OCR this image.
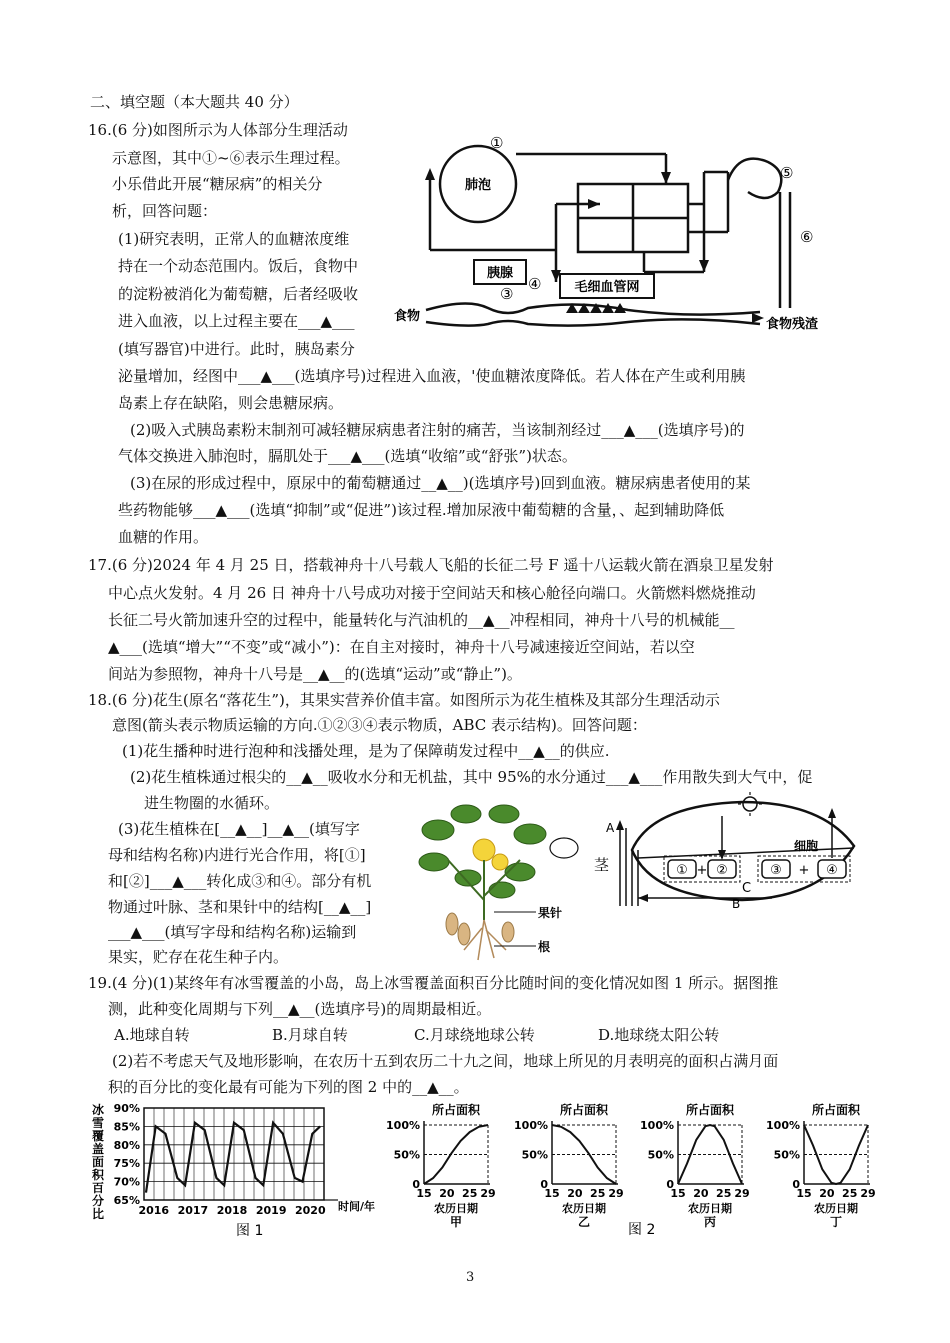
二、填空题（本大题共 40 分）
16.(6 分)如图所示为人体部分生理活动
示意图，其中①~⑥表示生理过程。
小乐借此开展“糖尿病”的相关分
析，回答问题：
(1)研究表明，正常人的血糖浓度维
持在一个动态范围内。饭后，食物中
的淀粉被消化为葡萄糖，后者经吸收
进入血液，以上过程主要在___▲___
(填写器官)中进行。此时，胰岛素分
泌量增加，经图中___▲___(选填序号)过程进入血液，'使血糖浓度降低。若人体在产生或利用胰
岛素上存在缺陷，则会患糖尿病。
(2)吸入式胰岛素粉末制剂可减轻糖尿病患者注射的痛苦，当该制剂经过___▲___(选填序号)的
气体交换进入肺泡时，膈肌处于___▲___(选填“收缩”或“舒张”)状态。
(3)在尿的形成过程中，原尿中的葡萄糖通过__▲__)(选填序号)回到血液。糖尿病患者使用的某
些药物能够___▲___(选填“抑制”或“促进”)该过程.增加尿液中葡萄糖的含量，、起到辅助降低
血糖的作用。
胰腺
毛细血管网
肺泡
食物
食物残渣
①
③
④
⑤
⑥
17.(6 分)2024 年 4 月 25 日，搭载神舟十八号载人飞船的长征二号 F 遥十八运载火箭在酒泉卫星发射
中心点火发射。4 月 26 日 神舟十八号成功对接于空间站天和核心舱径向端口。火箭燃料燃烧推动
长征二号火箭加速升空的过程中，能量转化与汽油机的__▲__冲程相同，神舟十八号的机械能__
▲___(选填“增大”“不变”或“减小”)：在自主对接时，神舟十八号减速接近空间站，若以空
间站为参照物，神舟十八号是__▲__的(选填“运动”或“静止”)。
18.(6 分)花生(原名“落花生”)，其果实营养价值丰富。如图所示为花生植株及其部分生理活动示
意图(箭头表示物质运输的方向.①②③④表示物质，ABC 表示结构)。回答问题：
(1)花生播种时进行泡种和浅播处理，是为了保障萌发过程中__▲__的供应.
(2)花生植株通过根尖的__▲__吸收水分和无机盐，其中 95%的水分通过___▲___作用散失到大气中，促
进生物圈的水循环。
(3)花生植株在[__▲__]__▲__(填写字
母和结构名称)内进行光合作用，将[①]
和[②]___▲___转化成③和④。部分有机
物通过叶脉、茎和果针中的结构[__▲__]
___▲___(填写字母和结构名称)运输到
果实，贮存在花生种子内。
果针
根
① ②	③	④
+	+
A
B
C
茎
细胞
19.(4 分)(1)某终年有冰雪覆盖的小岛，岛上冰雪覆盖面积百分比随时间的变化情况如图 1 所示。据图推
测，此种变化周期与下列__▲__(选填序号)的周期最相近。
A.地球自转	B.月球自转	C.月球绕地球公转	D.地球绕太阳公转
(2)若不考虑天气及地形影响，在农历十五到农历二十九之间，地球上所见的月表明亮的面积占满月面
积的百分比的变化最有可能为下列的图 2 中的__▲__。
90%
85%
80%
75%
70%
65%
2016 2017 2018 2019 2020
冰
雪
覆
盖
面
积
百
分
比
时间/年
图 1
所占面积
100%
50%
0
15 20 25 29
农历日期
甲
所占面积
100%
50%
0
15 20 25 29
农历日期
乙
所占面积
100%
50%
0
15 20 25 29
农历日期
丙
所占面积
100%
50%
0
15 20 25 29
农历日期
丁
图 2
3
